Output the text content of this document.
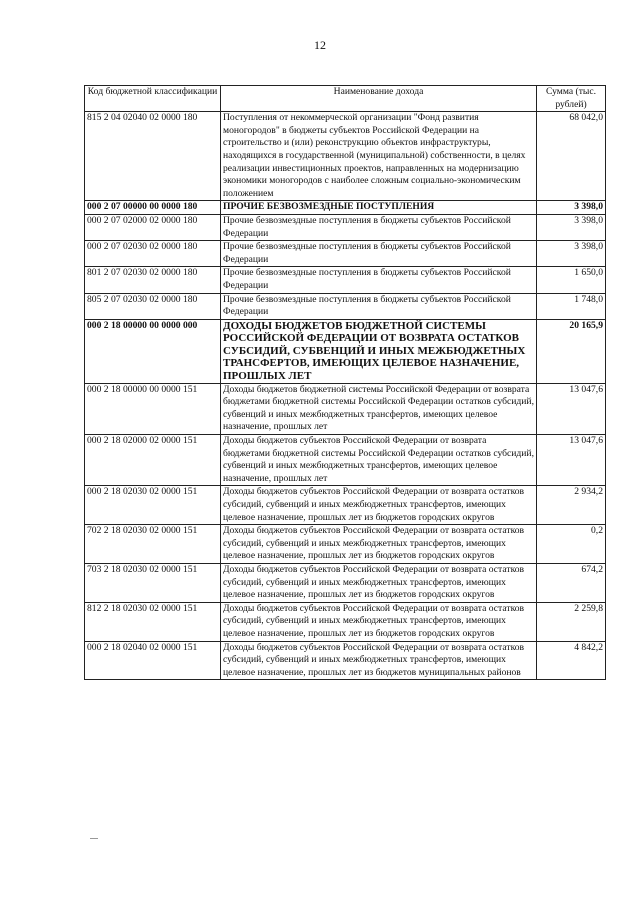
12
Код бюджетной классификации	Наименование дохода	Сумма (тыс. рублей)
815 2 04 02040 02 0000 180	Поступления от некоммерческой организации "Фонд развития моногородов" в бюджеты субъектов Российской Федерации на строительство и (или) реконструкцию объектов инфраструктуры, находящихся в государственной (муниципальной) собственности, в целях реализации инвестиционных проектов, направленных на модернизацию экономики моногородов с наиболее сложным социально-экономическим положением	68 042,0
000 2 07 00000 00 0000 180	ПРОЧИЕ БЕЗВОЗМЕЗДНЫЕ ПОСТУПЛЕНИЯ	3 398,0
000 2 07 02000 02 0000 180	Прочие безвозмездные поступления в бюджеты субъектов Российской Федерации	3 398,0
000 2 07 02030 02 0000 180	Прочие безвозмездные поступления в бюджеты субъектов Российской Федерации	3 398,0
801 2 07 02030 02 0000 180	Прочие безвозмездные поступления в бюджеты субъектов Российской Федерации	1 650,0
805 2 07 02030 02 0000 180	Прочие безвозмездные поступления в бюджеты субъектов Российской Федерации	1 748,0
000 2 18 00000 00 0000 000	ДОХОДЫ БЮДЖЕТОВ БЮДЖЕТНОЙ СИСТЕМЫ РОССИЙСКОЙ ФЕДЕРАЦИИ ОТ ВОЗВРАТА ОСТАТКОВ СУБСИДИЙ, СУБВЕНЦИЙ И ИНЫХ МЕЖБЮДЖЕТНЫХ ТРАНСФЕРТОВ, ИМЕЮЩИХ ЦЕЛЕВОЕ НАЗНАЧЕНИЕ, ПРОШЛЫХ ЛЕТ	20 165,9
000 2 18 00000 00 0000 151	Доходы бюджетов бюджетной системы Российской Федерации от возврата бюджетами бюджетной системы Российской Федерации остатков субсидий, субвенций и иных межбюджетных трансфертов, имеющих целевое назначение, прошлых лет	13 047,6
000 2 18 02000 02 0000 151	Доходы бюджетов субъектов Российской Федерации от возврата бюджетами бюджетной системы Российской Федерации остатков субсидий, субвенций и иных межбюджетных трансфертов, имеющих целевое назначение, прошлых лет	13 047,6
000 2 18 02030 02 0000 151	Доходы бюджетов субъектов Российской Федерации от возврата остатков субсидий, субвенций и иных межбюджетных трансфертов, имеющих целевое назначение, прошлых лет из бюджетов городских округов	2 934,2
702 2 18 02030 02 0000 151	Доходы бюджетов субъектов Российской Федерации от возврата остатков субсидий, субвенций и иных межбюджетных трансфертов, имеющих целевое назначение, прошлых лет из бюджетов городских округов	0,2
703 2 18 02030 02 0000 151	Доходы бюджетов субъектов Российской Федерации от возврата остатков субсидий, субвенций и иных межбюджетных трансфертов, имеющих целевое назначение, прошлых лет из бюджетов городских округов	674,2
812 2 18 02030 02 0000 151	Доходы бюджетов субъектов Российской Федерации от возврата остатков субсидий, субвенций и иных межбюджетных трансфертов, имеющих целевое назначение, прошлых лет из бюджетов городских округов	2 259,8
000 2 18 02040 02 0000 151	Доходы бюджетов субъектов Российской Федерации от возврата остатков субсидий, субвенций и иных межбюджетных трансфертов, имеющих целевое назначение, прошлых лет из бюджетов муниципальных районов	4 842,2
